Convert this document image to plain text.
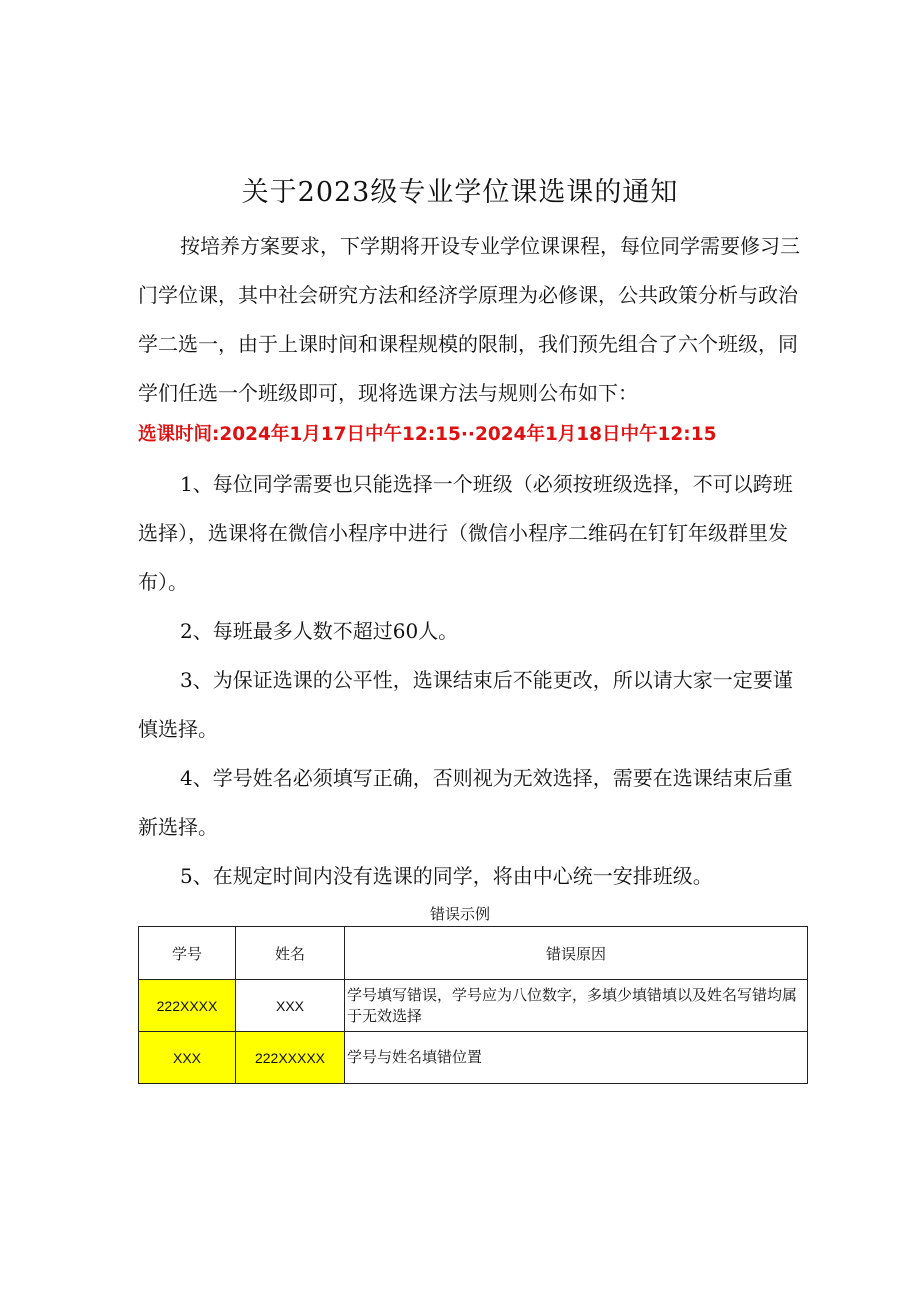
关于2023级专业学位课选课的通知
按培养方案要求，下学期将开设专业学位课课程，每位同学需要修习三门学位课，其中社会研究方法和经济学原理为必修课，公共政策分析与政治学二选一，由于上课时间和课程规模的限制，我们预先组合了六个班级，同学们任选一个班级即可，现将选课方法与规则公布如下：
选课时间:2024年1月17日中午12:15··2024年1月18日中午12:15
1、每位同学需要也只能选择一个班级（必须按班级选择，不可以跨班选择），选课将在微信小程序中进行（微信小程序二维码在钉钉年级群里发布）。
2、每班最多人数不超过60人。
3、为保证选课的公平性，选课结束后不能更改，所以请大家一定要谨慎选择。
4、学号姓名必须填写正确，否则视为无效选择，需要在选课结束后重新选择。
5、在规定时间内没有选课的同学，将由中心统一安排班级。
错误示例
学号	姓名	错误原因
222XXXX	XXX	学号填写错误，学号应为八位数字，多填少填错填以及姓名写错均属于无效选择
XXX	222XXXXX	学号与姓名填错位置
